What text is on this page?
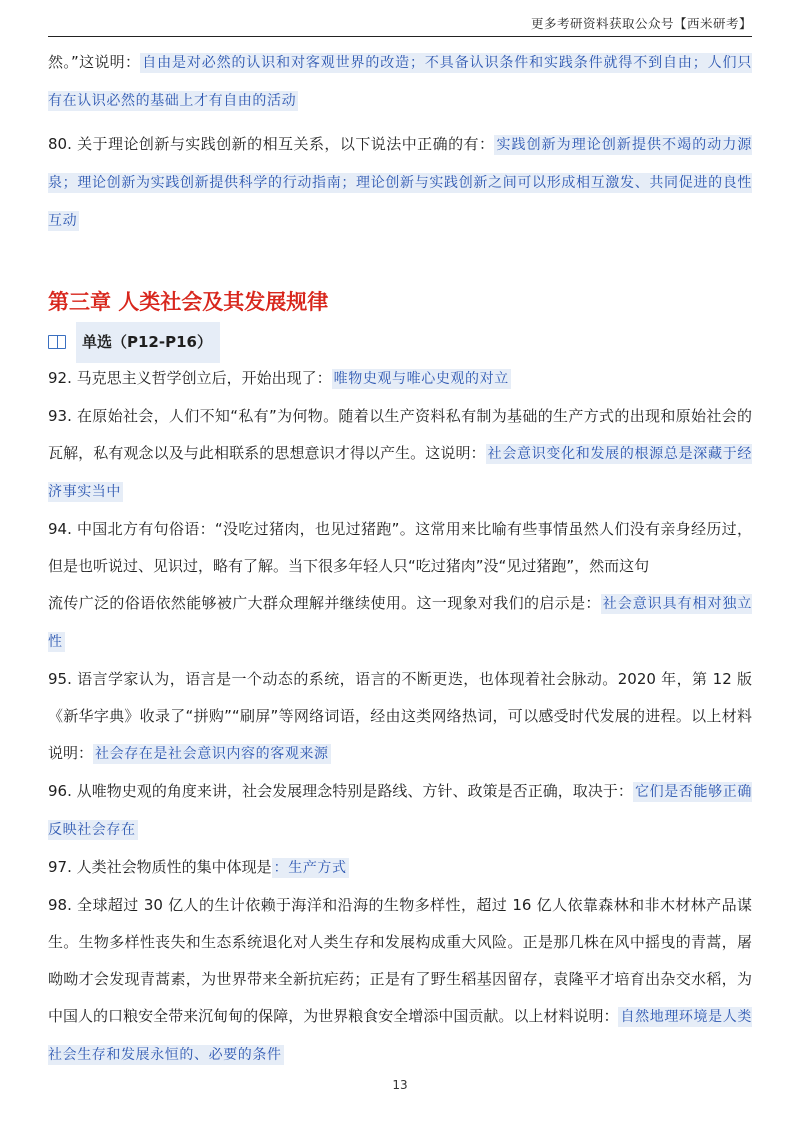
更多考研资料获取公众号【西米研考】

然。”这说明： 自由是对必然的认识和对客观世界的改造；不具备认识条件和实践条件就得不到自由；人们只有在认识必然的基础上才有自由的活动

80. 关于理论创新与实践创新的相互关系，以下说法中正确的有： 实践创新为理论创新提供不竭的动力源泉；理论创新为实践创新提供科学的行动指南；理论创新与实践创新之间可以形成相互激发、共同促进的良性互动

第三章 人类社会及其发展规律

单选（P12-P16）

92. 马克思主义哲学创立后，开始出现了： 唯物史观与唯心史观的对立

93. 在原始社会，人们不知“私有”为何物。随着以生产资料私有制为基础的生产方式的出现和原始社会的瓦解，私有观念以及与此相联系的思想意识才得以产生。这说明： 社会意识变化和发展的根源总是深藏于经济事实当中

94. 中国北方有句俗语：“没吃过猪肉，也见过猪跑”。这常用来比喻有些事情虽然人们没有亲身经历过，但是也听说过、见识过，略有了解。当下很多年轻人只“吃过猪肉”没“见过猪跑”，然而这句

流传广泛的俗语依然能够被广大群众理解并继续使用。这一现象对我们的启示是： 社会意识具有相对独立性

95. 语言学家认为，语言是一个动态的系统，语言的不断更迭，也体现着社会脉动。2020 年，第 12 版《新华字典》收录了“拼购”“刷屏”等网络词语，经由这类网络热词，可以感受时代发展的进程。以上材料说明： 社会存在是社会意识内容的客观来源

96. 从唯物史观的角度来讲，社会发展理念特别是路线、方针、政策是否正确，取决于： 它们是否能够正确反映社会存在

97. 人类社会物质性的集中体现是 ：生产方式

98. 全球超过 30 亿人的生计依赖于海洋和沿海的生物多样性，超过 16 亿人依靠森林和非木材林产品谋生。生物多样性丧失和生态系统退化对人类生存和发展构成重大风险。正是那几株在风中摇曳的青蒿，屠呦呦才会发现青蒿素，为世界带来全新抗疟药；正是有了野生稻基因留存，袁隆平才培育出杂交水稻，为中国人的口粮安全带来沉甸甸的保障，为世界粮食安全增添中国贡献。以上材料说明： 自然地理环境是人类社会生存和发展永恒的、必要的条件

13
